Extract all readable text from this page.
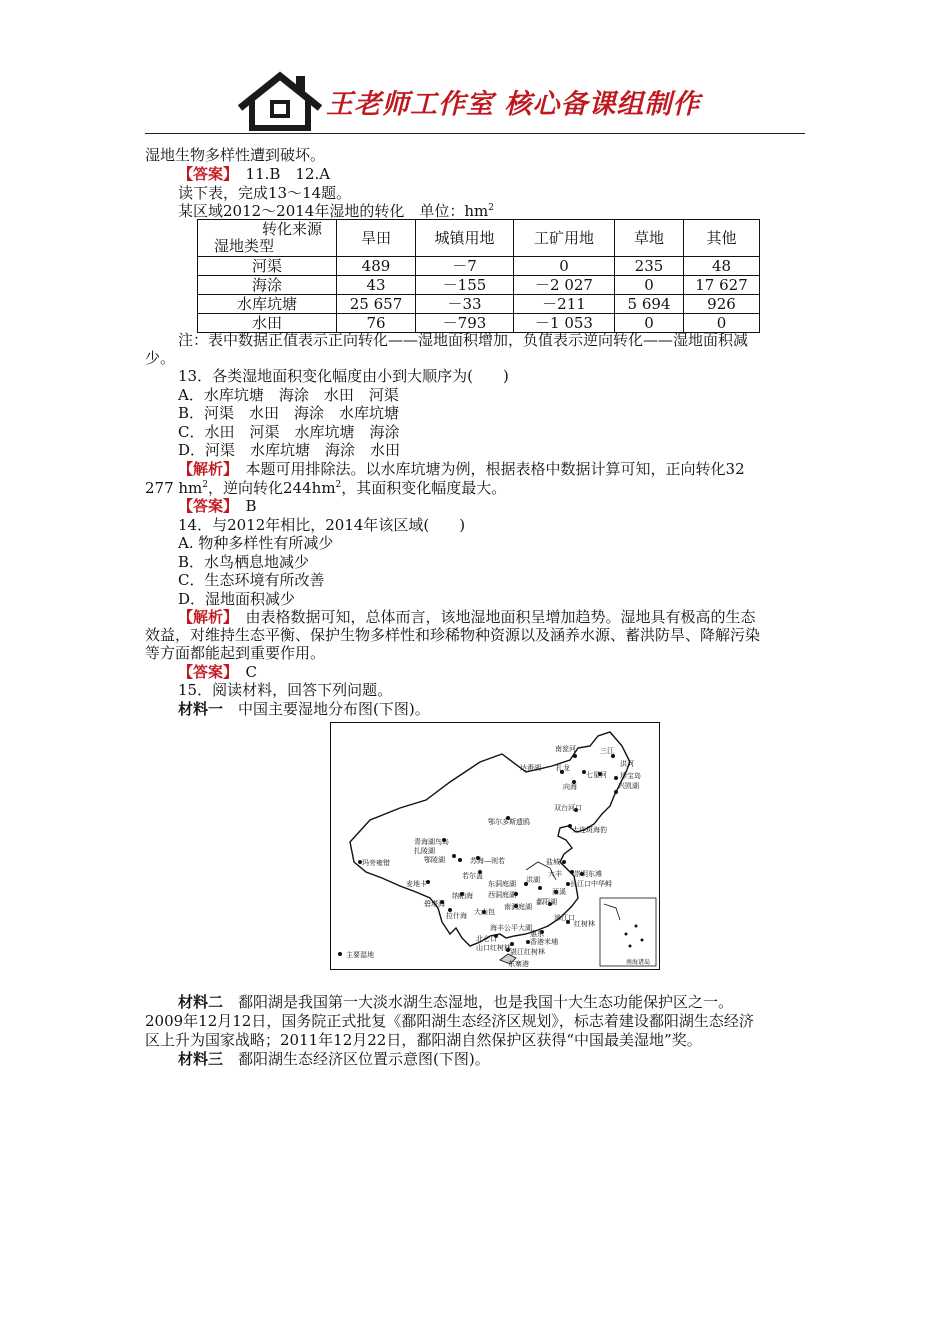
王老师工作室 核心备课组制作
湿地生物多样性遭到破坏。
【答案】　 11.B　12.A
读下表，完成13～14题。
某区域2012～2014年湿地的转化　单位：$hm^2$
转化来源
湿地类型	旱田	城镇用地	工矿用地	草地	其他
河渠	489	－7	0	235	48
海涂	43	－155	－2 027	0	17 627
水库坑塘	25 657	－33	－211	5 694	926
水田	76	－793	－1 053	0	0
注：表中数据正值表示正向转化——湿地面积增加，负值表示逆向转化——湿地面积减
少。
13．各类湿地面积变化幅度由小到大顺序为(　　)
A．水库坑塘　海涂　水田　河渠
B．河渠　水田　海涂　水库坑塘
C．水田　河渠　水库坑塘　海涂
D．河渠　水库坑塘　海涂　水田
【解析】　本题可用排除法。以水库坑塘为例，根据表格中数据计算可知，正向转化32
277 $hm^2$，逆向转化$244hm^2$，其面积变化幅度最大。
【答案】　B
14．与2012年相比，2014年该区域(　　)
A. 物种多样性有所减少
B．水鸟栖息地减少
C．生态环境有所改善
D．湿地面积减少
【解析】　由表格数据可知，总体而言，该地湿地面积呈增加趋势。湿地具有极高的生态
效益，对维持生态平衡、保护生物多样性和珍稀物种资源以及涵养水源、蓄洪防旱、降解污染
等方面都能起到重要作用。
【答案】　C
15．阅读材料，回答下列问题。
材料一　中国主要湿地分布图(下图)。
南海诸岛
南瓮河	三江
洪河
达赉湖 扎龙
七星河 珍宝岛
向海	兴凯湖
双台河口
大连斑海豹
鄂尔多斯遗鸥
青海湖鸟岛
扎陵湖
鄂陵湖	苏海—则若	盐城
崇明东滩
大丰
玛旁雍错
若尔盖
东洞庭湖 洪湖	长江口中华鲟
麦地卡
西溪
西洞庭湖
鄱阳湖
纳帕海
南洞庭湖
碧塔海
拉什海 大山包
漳江口
红树林
海丰公平大湖
惠东
北仑口
山口红树林
香港米埔
湛江红树林
东寨港
主要湿地
材料二　鄱阳湖是我国第一大淡水湖生态湿地，也是我国十大生态功能保护区之一。
2009年12月12日，国务院正式批复《鄱阳湖生态经济区规划》，标志着建设鄱阳湖生态经济
区上升为国家战略；2011年12月22日，鄱阳湖自然保护区获得“中国最美湿地”奖。
材料三　鄱阳湖生态经济区位置示意图(下图)。
